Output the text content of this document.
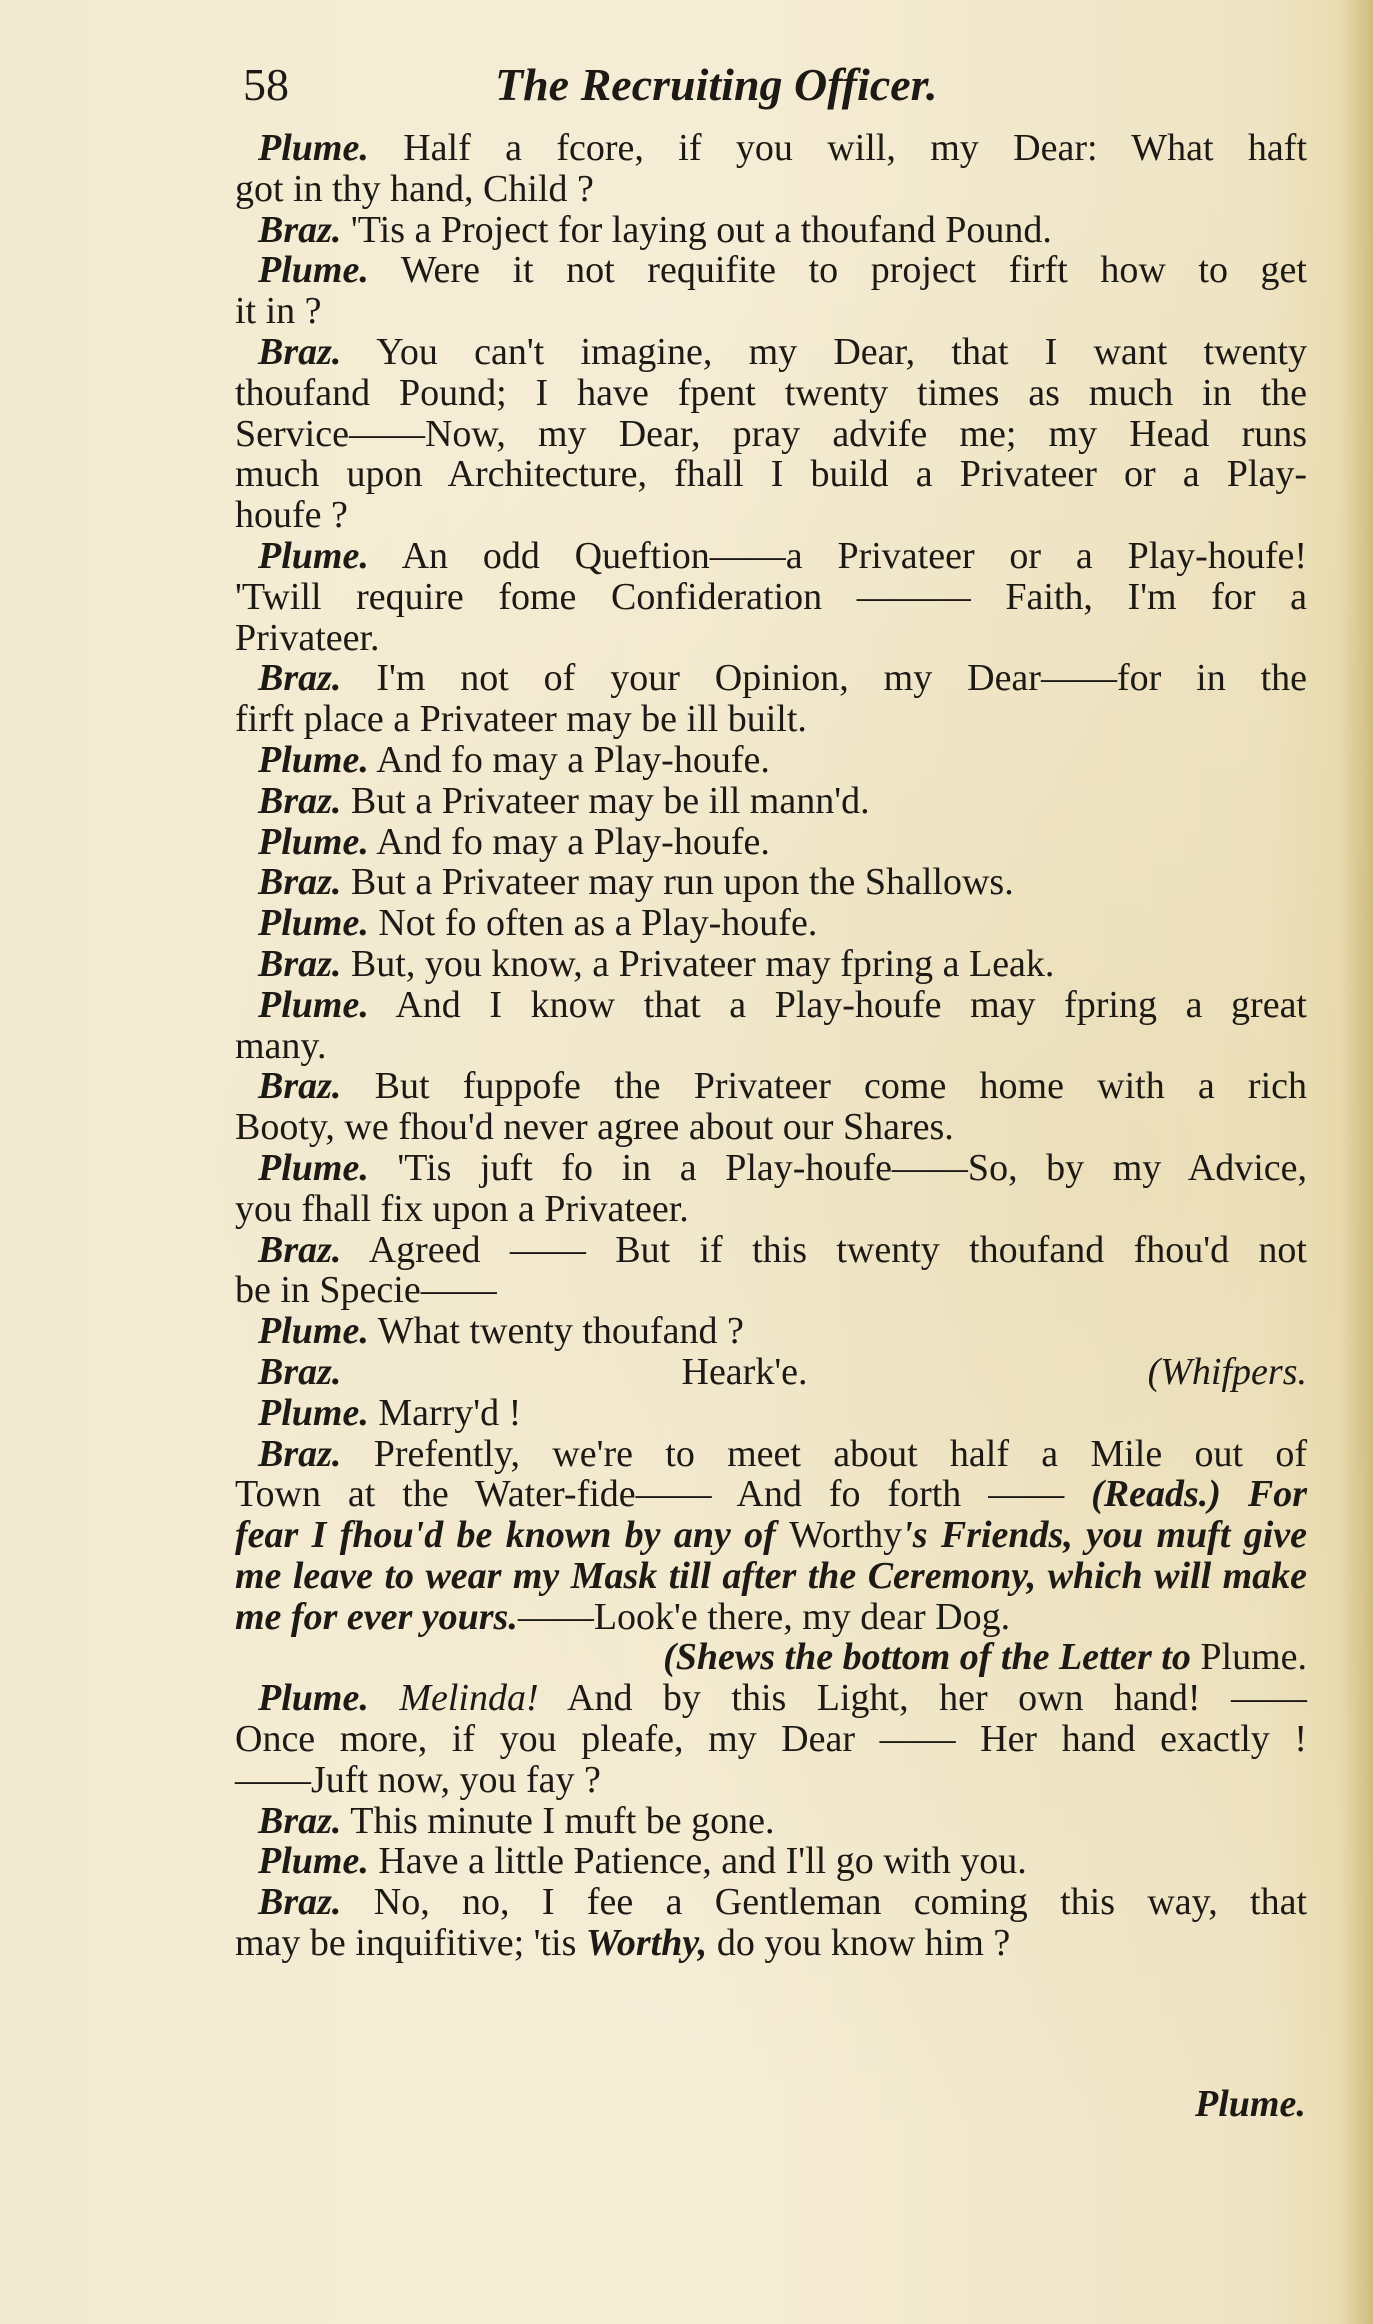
58	The Recruiting Officer.
Plume. Half a fcore, if you will, my Dear: What haft
got in thy hand, Child ?
Braz. 'Tis a Project for laying out a thoufand Pound.
Plume. Were it not requifite to project firft how to get
it in ?
Braz. You can't imagine, my Dear, that I want twenty
thoufand Pound; I have fpent twenty times as much in the
Service——Now, my Dear, pray advife me; my Head runs
much upon Architecture, fhall I build a Privateer or a Play-
houfe ?
Plume. An odd Queftion——a Privateer or a Play-houfe!
'Twill require fome Confideration ——— Faith, I'm for a
Privateer.
Braz. I'm not of your Opinion, my Dear——for in the
firft place a Privateer may be ill built.
Plume. And fo may a Play-houfe.
Braz. But a Privateer may be ill mann'd.
Plume. And fo may a Play-houfe.
Braz. But a Privateer may run upon the Shallows.
Plume. Not fo often as a Play-houfe.
Braz. But, you know, a Privateer may fpring a Leak.
Plume. And I know that a Play-houfe may fpring a great
many.
Braz. But fuppofe the Privateer come home with a rich
Booty, we fhou'd never agree about our Shares.
Plume. 'Tis juft fo in a Play-houfe——So, by my Advice,
you fhall fix upon a Privateer.
Braz. Agreed —— But if this twenty thoufand fhou'd not
be in Specie——
Plume. What twenty thoufand ?
Braz.	Heark'e.	(Whifpers.
Plume. Marry'd !
Braz. Prefently, we're to meet about half a Mile out of
Town at the Water-fide—— And fo forth —— (Reads.) For
fear I fhou'd be known by any of Worthy's Friends, you muft give
me leave to wear my Mask till after the Ceremony, which will make
me for ever yours.——Look'e there, my dear Dog.
(Shews the bottom of the Letter to Plume.
Plume. Melinda! And by this Light, her own hand! ——
Once more, if you pleafe, my Dear —— Her hand exactly !
——Juft now, you fay ?
Braz. This minute I muft be gone.
Plume. Have a little Patience, and I'll go with you.
Braz. No, no, I fee a Gentleman coming this way, that
may be inquifitive; 'tis Worthy, do you know him ?
Plume.
